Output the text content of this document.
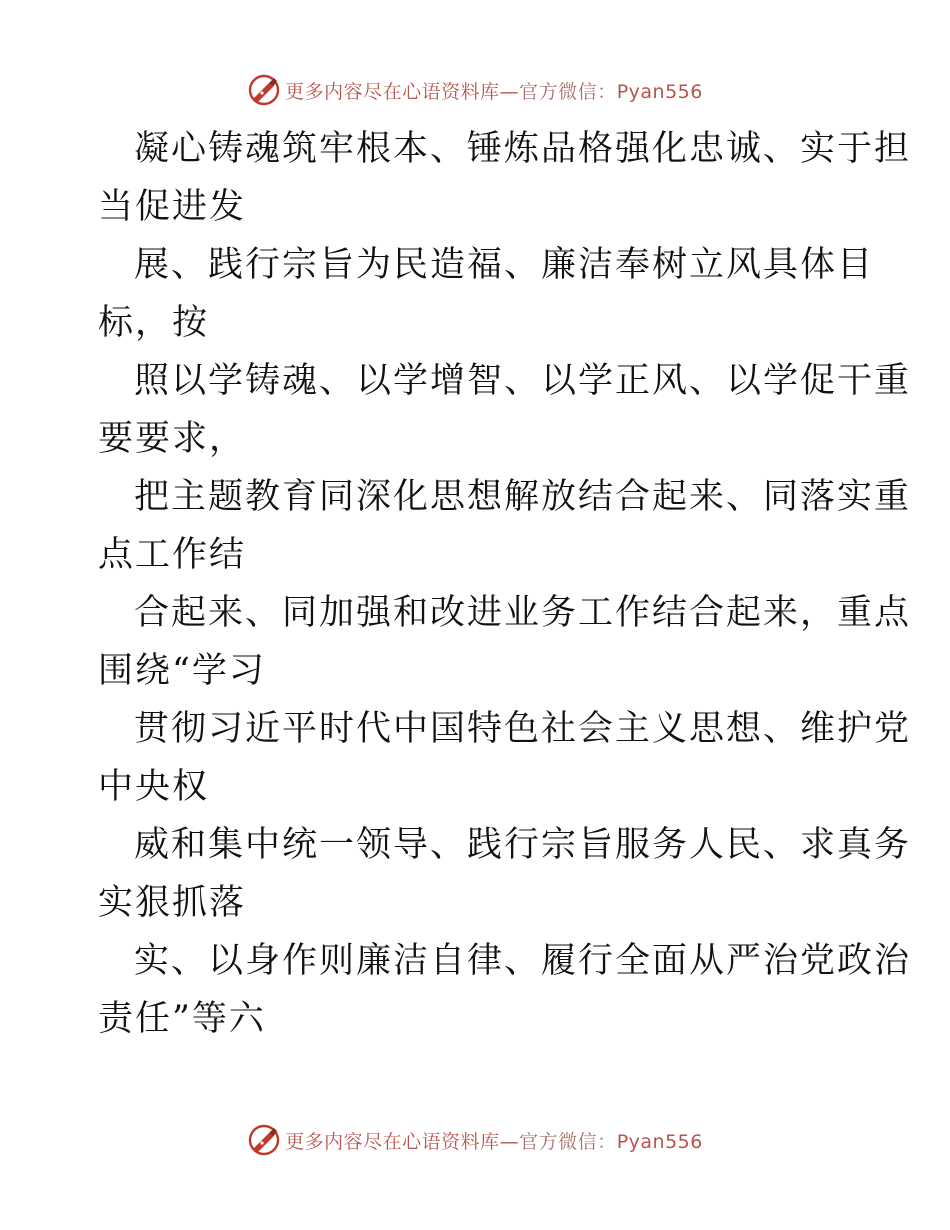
更多内容尽在心语资料库—官方微信：Pyan556
凝心铸魂筑牢根本、锤炼品格强化忠诚、实于担
当促进发
展、践行宗旨为民造福、廉洁奉树立风具体目
标，按
照以学铸魂、以学增智、以学正风、以学促干重
要要求，
把主题教育同深化思想解放结合起来、同落实重
点工作结
合起来、同加强和改进业务工作结合起来，重点
围绕“学习
贯彻习近平时代中国特色社会主义思想、维护党
中央权
威和集中统一领导、践行宗旨服务人民、求真务
实狠抓落
实、以身作则廉洁自律、履行全面从严治党政治
责任”等六
更多内容尽在心语资料库—官方微信：Pyan556
